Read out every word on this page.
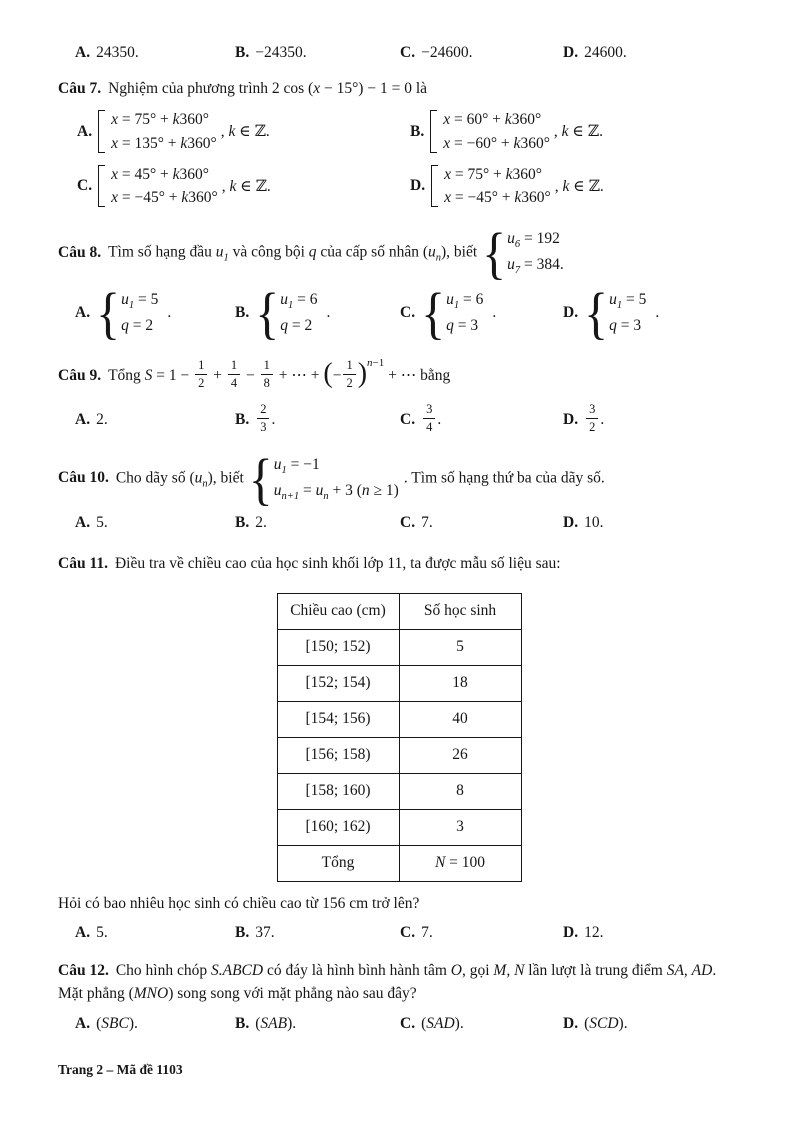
A. 24350.	B. −24350.	C. −24600.	D. 24600.

Câu 7. Nghiệm của phương trình 2 cos (x − 15°) − 1 = 0 là

A.
x = 75° + k360°
x = 135° + k360°
, k ∈ ℤ.	B.
x = 60° + k360°
x = −60° + k360°
, k ∈ ℤ.
C.
x = 45° + k360°
x = −45° + k360°
, k ∈ ℤ.	D.
x = 75° + k360°
x = −45° + k360°
, k ∈ ℤ.

Câu 8. Tìm số hạng đầu $u_1$ và công bội q của cấp số nhân $(u_n)$, biết { $u_6 = 192$
$u_7 = 384$.

A. { $u_1 = 5$
q = 2
.	B. { $u_1 = 6$
q = 2
.	C. { $u_1 = 6$
q = 3
.	D. { $u_1 = 5$
q = 3
.

Câu 9. Tổng $S = 1 - \frac{1}{2} + \frac{1}{4} - \frac{1}{8}$ + ⋯ + (− $\frac{1}{2} )^{n-1}$ + ⋯ bằng

A. 2.	B. $\frac{2}{3}$ .	C. $\frac{3}{4}$ .	D. $\frac{3}{2}$ .

Câu 10. Cho dãy số $(u_n)$, biết { $u_1 = -1$
$u_{n+1} = u_n + 3$ (n ≥ 1)
. Tìm số hạng thứ ba của dãy số.

A. 5.	B. 2.	C. 7.	D. 10.

Câu 11. Điều tra về chiều cao của học sinh khối lớp 11, ta được mẫu số liệu sau:

Chiều cao (cm)	Số học sinh
[150; 152)	5
[152; 154)	18
[154; 156)	40
[156; 158)	26
[158; 160)	8
[160; 162)	3
Tổng	N = 100

Hỏi có bao nhiêu học sinh có chiều cao từ 156 cm trở lên?

A. 5.	B. 37.	C. 7.	D. 12.

Câu 12. Cho hình chóp S.ABCD có đáy là hình bình hành tâm O, gọi M, N lần lượt là trung điểm SA, AD. Mặt phẳng (MNO) song song với mặt phẳng nào sau đây?

A. (SBC).	B. (SAB).	C. (SAD).	D. (SCD).
Trang 2 – Mã đề 1103
